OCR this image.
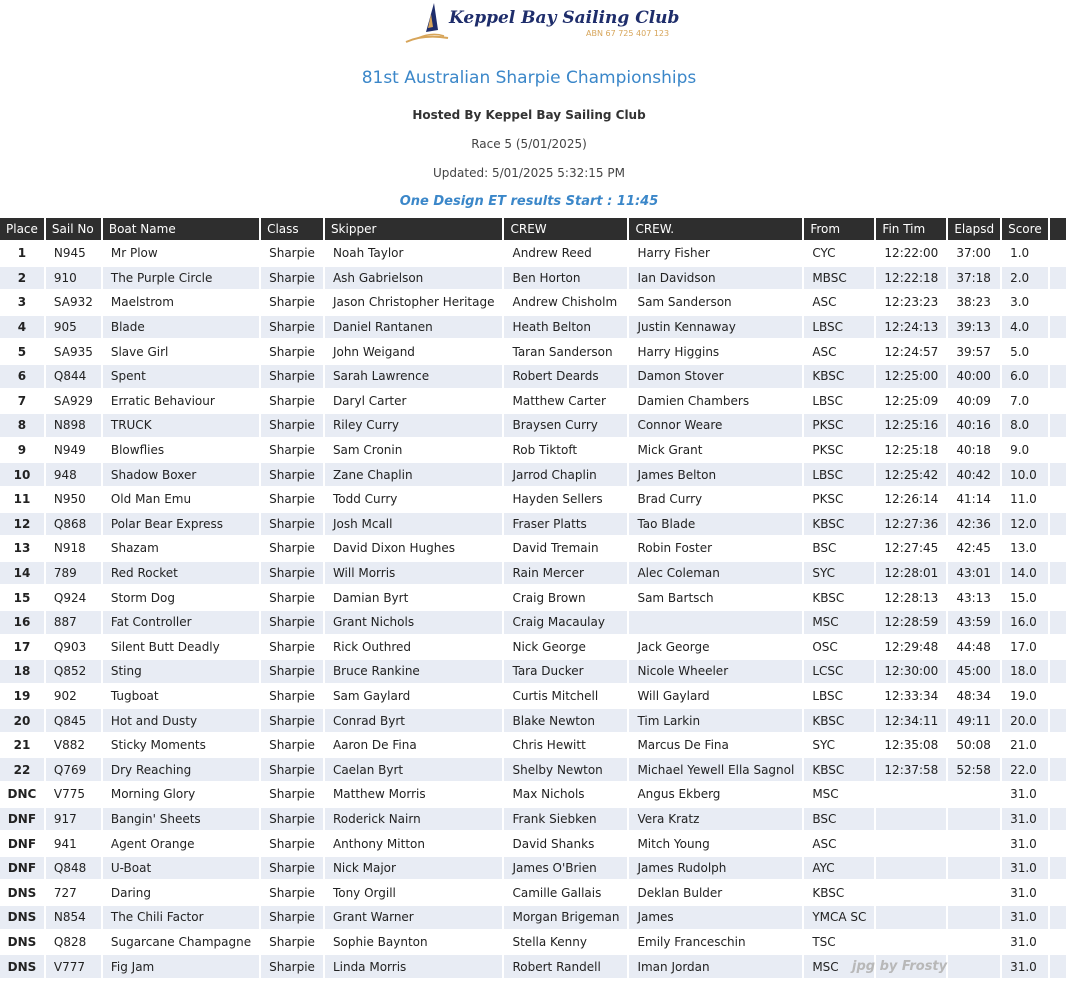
Keppel Bay Sailing Club
ABN 67 725 407 123
81st Australian Sharpie Championships
Hosted By Keppel Bay Sailing Club
Race 5 (5/01/2025)
Updated: 5/01/2025 5:32:15 PM
One Design ET results Start : 11:45
Place	Sail No	Boat Name	Class	Skipper	CREW	CREW.	From	Fin Tim	Elapsd	Score	
1	N945	Mr Plow	Sharpie	Noah Taylor	Andrew Reed	Harry Fisher	CYC	12:22:00	37:00	1.0	
2	910	The Purple Circle	Sharpie	Ash Gabrielson	Ben Horton	Ian Davidson	MBSC	12:22:18	37:18	2.0	
3	SA932	Maelstrom	Sharpie	Jason Christopher Heritage	Andrew Chisholm	Sam Sanderson	ASC	12:23:23	38:23	3.0	
4	905	Blade	Sharpie	Daniel Rantanen	Heath Belton	Justin Kennaway	LBSC	12:24:13	39:13	4.0	
5	SA935	Slave Girl	Sharpie	John Weigand	Taran Sanderson	Harry Higgins	ASC	12:24:57	39:57	5.0	
6	Q844	Spent	Sharpie	Sarah Lawrence	Robert Deards	Damon Stover	KBSC	12:25:00	40:00	6.0	
7	SA929	Erratic Behaviour	Sharpie	Daryl Carter	Matthew Carter	Damien Chambers	LBSC	12:25:09	40:09	7.0	
8	N898	TRUCK	Sharpie	Riley Curry	Braysen Curry	Connor Weare	PKSC	12:25:16	40:16	8.0	
9	N949	Blowflies	Sharpie	Sam Cronin	Rob Tiktoft	Mick Grant	PKSC	12:25:18	40:18	9.0	
10	948	Shadow Boxer	Sharpie	Zane Chaplin	Jarrod Chaplin	James Belton	LBSC	12:25:42	40:42	10.0	
11	N950	Old Man Emu	Sharpie	Todd Curry	Hayden Sellers	Brad Curry	PKSC	12:26:14	41:14	11.0	
12	Q868	Polar Bear Express	Sharpie	Josh Mcall	Fraser Platts	Tao Blade	KBSC	12:27:36	42:36	12.0	
13	N918	Shazam	Sharpie	David Dixon Hughes	David Tremain	Robin Foster	BSC	12:27:45	42:45	13.0	
14	789	Red Rocket	Sharpie	Will Morris	Rain Mercer	Alec Coleman	SYC	12:28:01	43:01	14.0	
15	Q924	Storm Dog	Sharpie	Damian Byrt	Craig Brown	Sam Bartsch	KBSC	12:28:13	43:13	15.0	
16	887	Fat Controller	Sharpie	Grant Nichols	Craig Macaulay		MSC	12:28:59	43:59	16.0	
17	Q903	Silent Butt Deadly	Sharpie	Rick Outhred	Nick George	Jack George	OSC	12:29:48	44:48	17.0	
18	Q852	Sting	Sharpie	Bruce Rankine	Tara Ducker	Nicole Wheeler	LCSC	12:30:00	45:00	18.0	
19	902	Tugboat	Sharpie	Sam Gaylard	Curtis Mitchell	Will Gaylard	LBSC	12:33:34	48:34	19.0	
20	Q845	Hot and Dusty	Sharpie	Conrad Byrt	Blake Newton	Tim Larkin	KBSC	12:34:11	49:11	20.0	
21	V882	Sticky Moments	Sharpie	Aaron De Fina	Chris Hewitt	Marcus De Fina	SYC	12:35:08	50:08	21.0	
22	Q769	Dry Reaching	Sharpie	Caelan Byrt	Shelby Newton	Michael Yewell Ella Sagnol	KBSC	12:37:58	52:58	22.0	
DNC	V775	Morning Glory	Sharpie	Matthew Morris	Max Nichols	Angus Ekberg	MSC			31.0	
DNF	917	Bangin' Sheets	Sharpie	Roderick Nairn	Frank Siebken	Vera Kratz	BSC			31.0	
DNF	941	Agent Orange	Sharpie	Anthony Mitton	David Shanks	Mitch Young	ASC			31.0	
DNF	Q848	U-Boat	Sharpie	Nick Major	James O'Brien	James Rudolph	AYC			31.0	
DNS	727	Daring	Sharpie	Tony Orgill	Camille Gallais	Deklan Bulder	KBSC			31.0	
DNS	N854	The Chili Factor	Sharpie	Grant Warner	Morgan Brigeman	James	YMCA SC			31.0	
DNS	Q828	Sugarcane Champagne	Sharpie	Sophie Baynton	Stella Kenny	Emily Franceschin	TSC			31.0	
DNS	V777	Fig Jam	Sharpie	Linda Morris	Robert Randell	Iman Jordan	MSC			31.0	
jpg by Frosty
